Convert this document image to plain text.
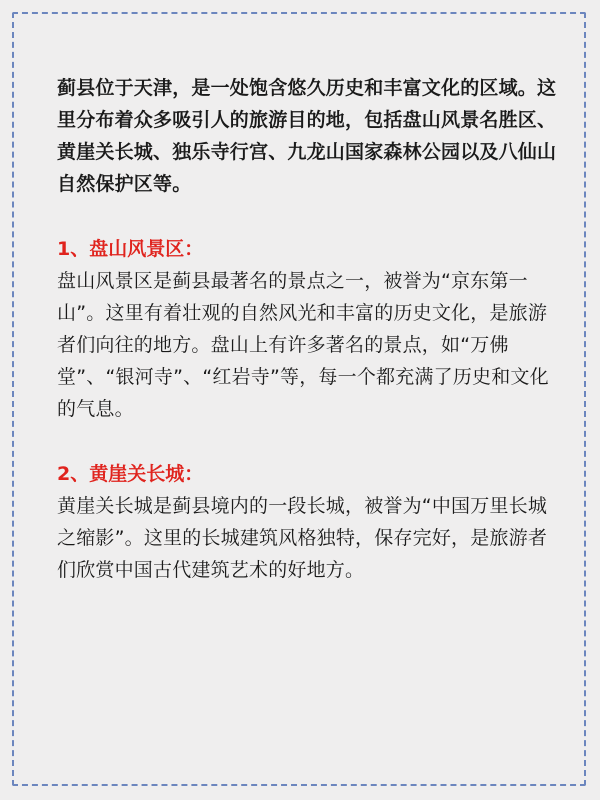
蓟县位于天津，是一处饱含悠久历史和丰富文化的区域。这里分布着众多吸引人的旅游目的地，包括盘山风景名胜区、黄崖关长城、独乐寺行宫、九龙山国家森林公园以及八仙山自然保护区等。

1、盘山风景区：

盘山风景区是蓟县最著名的景点之一，被誉为“京东第一山”。这里有着壮观的自然风光和丰富的历史文化，是旅游者们向往的地方。盘山上有许多著名的景点，如“万佛堂”、“银河寺”、“红岩寺”等，每一个都充满了历史和文化的气息。

2、黄崖关长城：

黄崖关长城是蓟县境内的一段长城，被誉为“中国万里长城之缩影”。这里的长城建筑风格独特，保存完好，是旅游者们欣赏中国古代建筑艺术的好地方。
